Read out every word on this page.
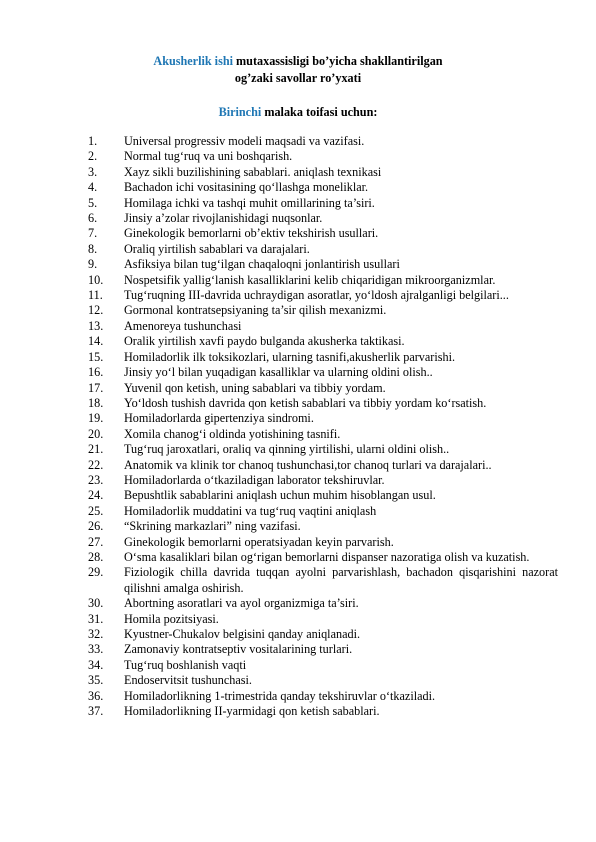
Akusherlik ishi mutaxassisligi bo’yicha shakllantirilgan
og’zaki savollar ro’yxati
Birinchi malaka toifasi uchun:
1.	Universal progressiv modeli maqsadi va vazifasi.
2.	Normal tug‘ruq va uni boshqarish.
3.	Xayz sikli buzilishining sabablari. aniqlash texnikasi
4.	Bachadon ichi vositasining qo‘llashga moneliklar.
5.	Homilaga ichki va tashqi muhit omillarining ta’siri.
6.	Jinsiy a’zolar rivojlanishidagi nuqsonlar.
7.	Ginekologik bemorlarni ob’ektiv tekshirish usullari.
8.	Oraliq yirtilish sabablari va darajalari.
9.	Asfiksiya bilan tug‘ilgan chaqaloqni jonlantirish usullari
10.	Nospetsifik yallig‘lanish kasalliklarini kelib chiqaridigan mikroorganizmlar.
11.	Tug‘ruqning III-davrida uchraydigan asoratlar, yo‘ldosh ajralganligi belgilari...
12.	Gormonal kontratsepsiyaning ta’sir qilish mexanizmi.
13.	Amenoreya tushunchasi
14.	Oralik yirtilish xavfi paydo bulganda akusherka taktikasi.
15.	Homiladorlik ilk toksikozlari, ularning tasnifi,akusherlik parvarishi.
16.	Jinsiy yo‘l bilan yuqadigan kasalliklar va ularning oldini olish..
17.	Yuvenil qon ketish, uning sabablari va tibbiy yordam.
18.	Yo‘ldosh tushish davrida qon ketish sabablari va tibbiy yordam ko‘rsatish.
19.	Homiladorlarda gipertenziya sindromi.
20.	Xomila chanog‘i oldinda yotishining tasnifi.
21.	Tug‘ruq jaroxatlari, oraliq va qinning yirtilishi, ularni oldini olish..
22.	Anatomik va klinik tor chanoq tushunchasi,tor chanoq turlari va darajalari..
23.	Homiladorlarda o‘tkaziladigan laborator tekshiruvlar.
24.	Bepushtlik sabablarini aniqlash uchun muhim hisoblangan usul.
25.	Homiladorlik muddatini va tug‘ruq vaqtini aniqlash
26.	“Skrining markazlari” ning vazifasi.
27.	Ginekologik bemorlarni operatsiyadan keyin parvarish.
28.	O‘sma kasaliklari bilan og‘rigan bemorlarni dispanser nazoratiga olish va kuzatish.
29.	Fiziologik chilla davrida tuqqan ayolni parvarishlash, bachadon qisqarishini nazorat qilishni amalga oshirish.
30.	Abortning asoratlari va ayol organizmiga ta’siri.
31.	Homila pozitsiyasi.
32.	Kyustner-Chukalov belgisini qanday aniqlanadi.
33.	Zamonaviy kontratseptiv vositalarining turlari.
34.	Tug‘ruq boshlanish vaqti
35.	Endoservitsit tushunchasi.
36.	Homiladorlikning 1-trimestrida qanday tekshiruvlar o‘tkaziladi.
37.	Homiladorlikning II-yarmidagi qon ketish sabablari.
